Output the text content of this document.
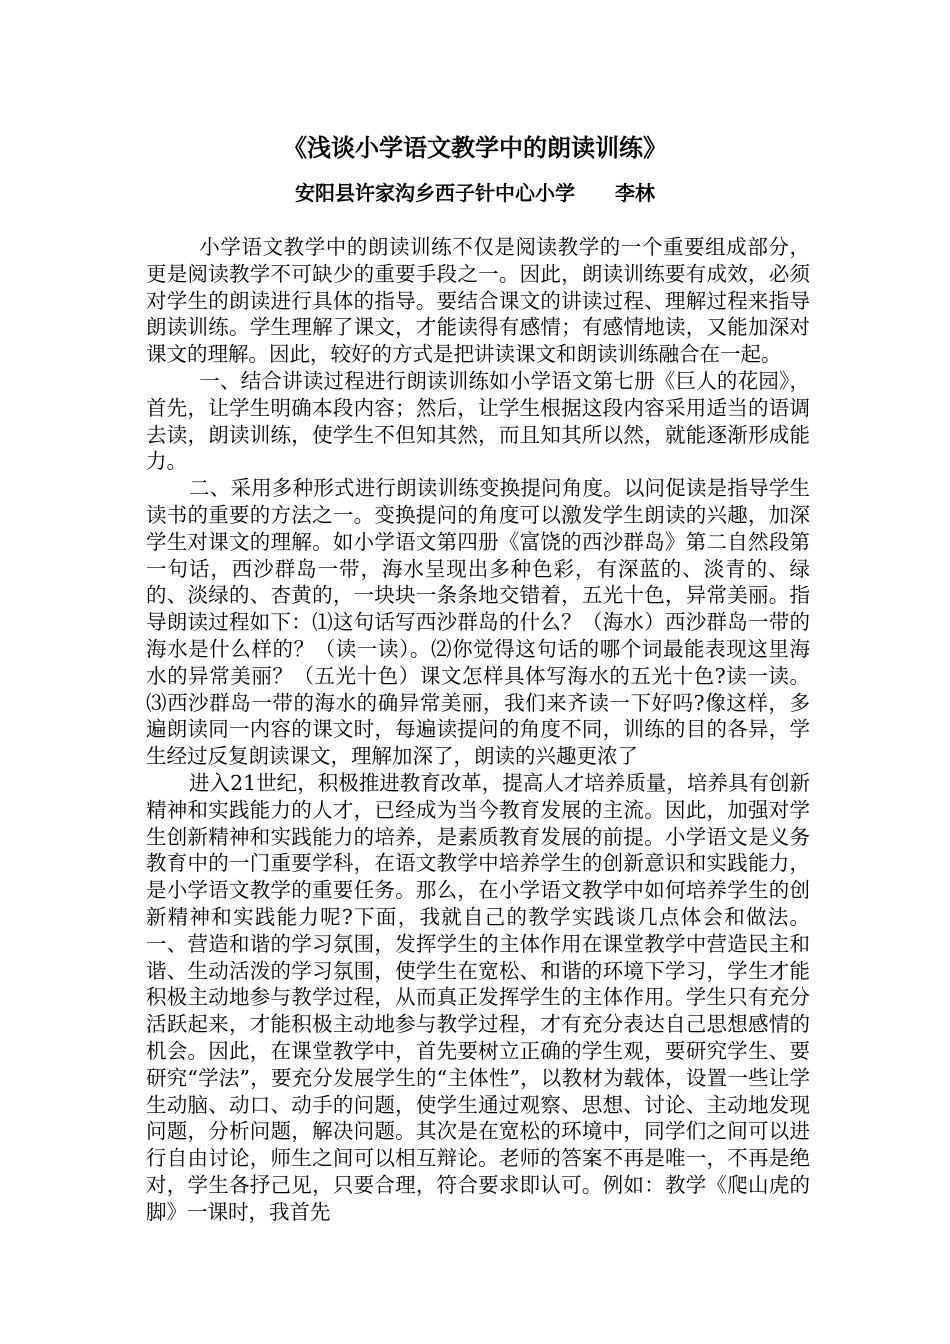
《浅谈小学语文教学中的朗读训练》
安阳县许家沟乡西子针中心小学 李林

小学语文教学中的朗读训练不仅是阅读教学的一个重要组成部分，更是阅读教学不可缺少的重要手段之一。因此，朗读训练要有成效，必须对学生的朗读进行具体的指导。要结合课文的讲读过程、理解过程来指导朗读训练。学生理解了课文，才能读得有感情；有感情地读，又能加深对课文的理解。因此，较好的方式是把讲读课文和朗读训练融合在一起。

一、结合讲读过程进行朗读训练如小学语文第七册《巨人的花园》，首先，让学生明确本段内容；然后，让学生根据这段内容采用适当的语调去读，朗读训练，使学生不但知其然，而且知其所以然，就能逐渐形成能力。

二、采用多种形式进行朗读训练变换提问角度。以问促读是指导学生读书的重要的方法之一。变换提问的角度可以激发学生朗读的兴趣，加深学生对课文的理解。如小学语文第四册《富饶的西沙群岛》第二自然段第一句话，西沙群岛一带，海水呈现出多种色彩，有深蓝的、淡青的、绿的、淡绿的、杏黄的，一块块一条条地交错着，五光十色，异常美丽。指导朗读过程如下：⑴这句话写西沙群岛的什么？（海水）西沙群岛一带的海水是什么样的？（读一读）。⑵你觉得这句话的哪个词最能表现这里海水的异常美丽？（五光十色）课文怎样具体写海水的五光十色?读一读。⑶西沙群岛一带的海水的确异常美丽，我们来齐读一下好吗?像这样，多遍朗读同一内容的课文时，每遍读提问的角度不同，训练的目的各异，学生经过反复朗读课文，理解加深了，朗读的兴趣更浓了

进入21世纪，积极推进教育改革，提高人才培养质量，培养具有创新精神和实践能力的人才，已经成为当今教育发展的主流。因此，加强对学生创新精神和实践能力的培养，是素质教育发展的前提。小学语文是义务教育中的一门重要学科，在语文教学中培养学生的创新意识和实践能力，是小学语文教学的重要任务。那么，在小学语文教学中如何培养学生的创新精神和实践能力呢?下面，我就自己的教学实践谈几点体会和做法。一、营造和谐的学习氛围，发挥学生的主体作用在课堂教学中营造民主和谐、生动活泼的学习氛围，使学生在宽松、和谐的环境下学习，学生才能积极主动地参与教学过程，从而真正发挥学生的主体作用。学生只有充分活跃起来，才能积极主动地参与教学过程，才有充分表达自己思想感情的机会。因此，在课堂教学中，首先要树立正确的学生观，要研究学生、要研究“学法”，要充分发展学生的“主体性”，以教材为载体，设置一些让学生动脑、动口、动手的问题，使学生通过观察、思想、讨论、主动地发现问题，分析问题，解决问题。其次是在宽松的环境中，同学们之间可以进行自由讨论，师生之间可以相互辩论。老师的答案不再是唯一，不再是绝对，学生各抒己见，只要合理，符合要求即认可。例如：教学《爬山虎的脚》一课时，我首先
